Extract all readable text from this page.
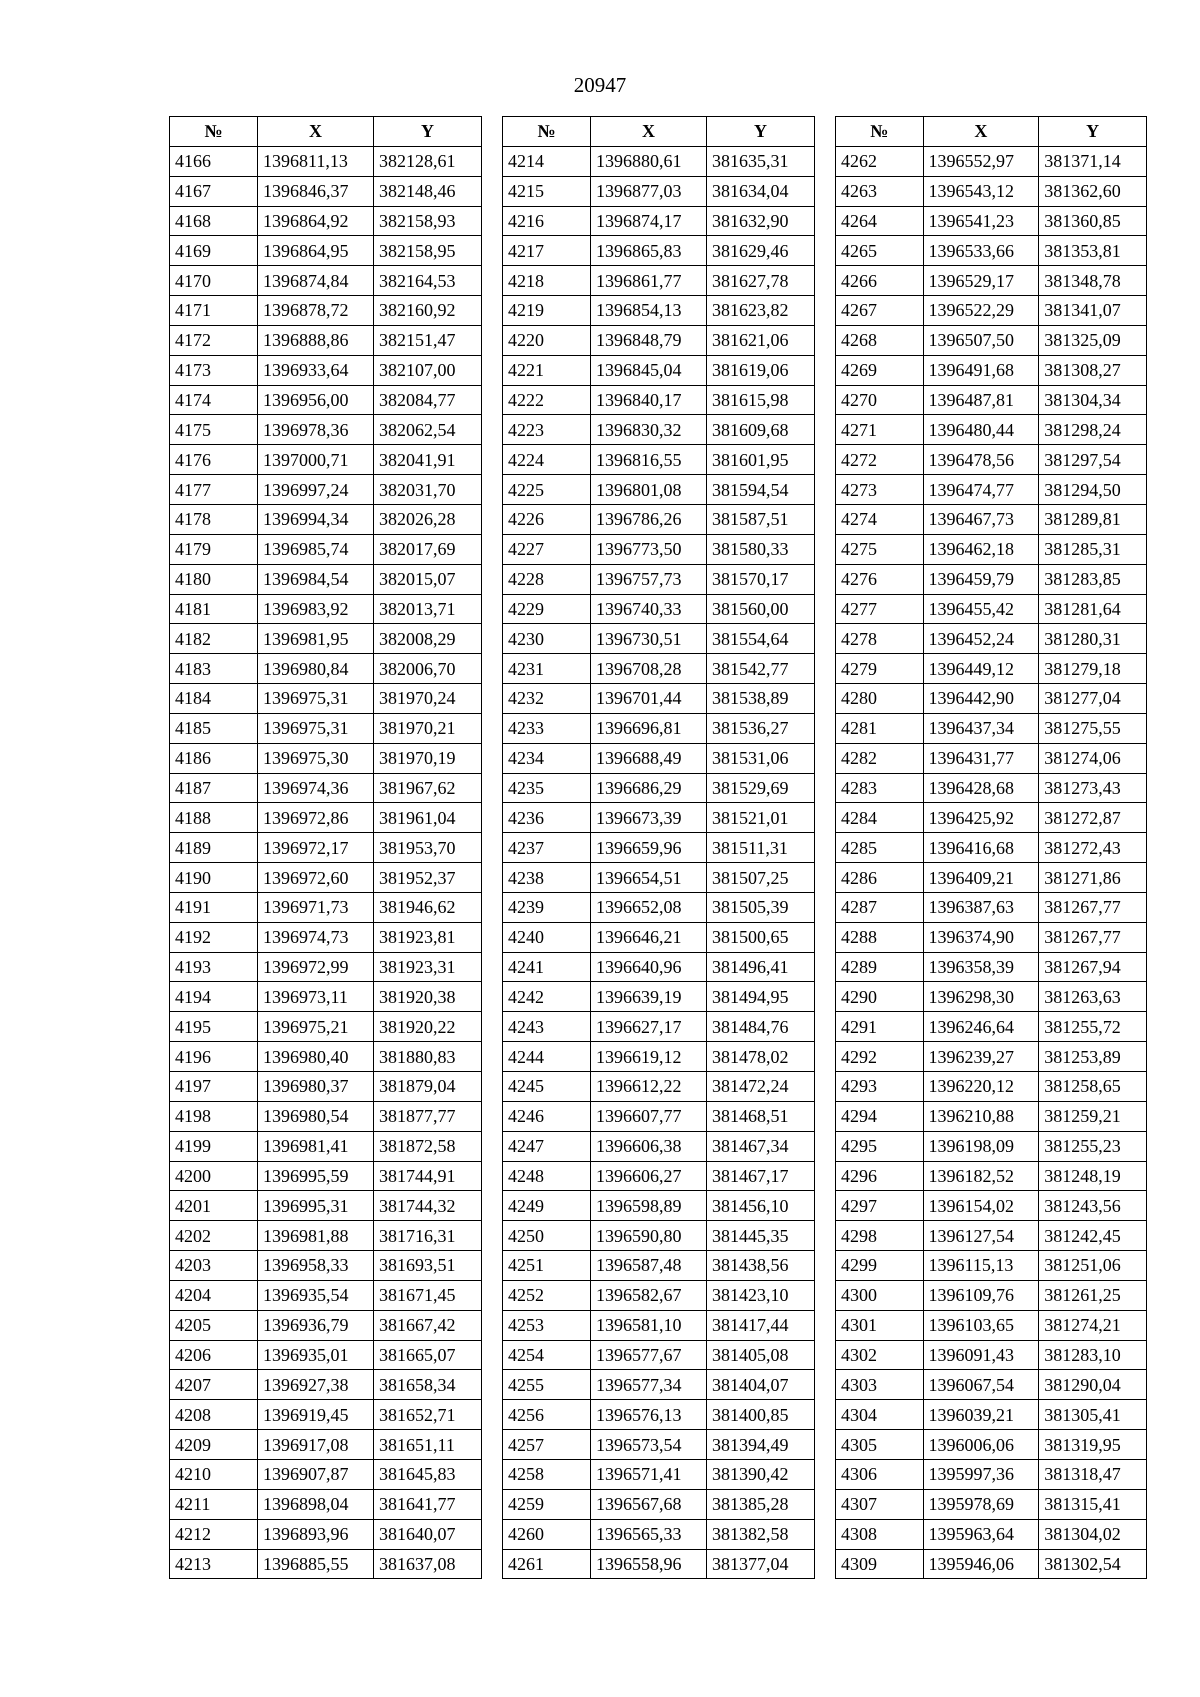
20947
№	X	Y
4166	1396811,13	382128,61
4167	1396846,37	382148,46
4168	1396864,92	382158,93
4169	1396864,95	382158,95
4170	1396874,84	382164,53
4171	1396878,72	382160,92
4172	1396888,86	382151,47
4173	1396933,64	382107,00
4174	1396956,00	382084,77
4175	1396978,36	382062,54
4176	1397000,71	382041,91
4177	1396997,24	382031,70
4178	1396994,34	382026,28
4179	1396985,74	382017,69
4180	1396984,54	382015,07
4181	1396983,92	382013,71
4182	1396981,95	382008,29
4183	1396980,84	382006,70
4184	1396975,31	381970,24
4185	1396975,31	381970,21
4186	1396975,30	381970,19
4187	1396974,36	381967,62
4188	1396972,86	381961,04
4189	1396972,17	381953,70
4190	1396972,60	381952,37
4191	1396971,73	381946,62
4192	1396974,73	381923,81
4193	1396972,99	381923,31
4194	1396973,11	381920,38
4195	1396975,21	381920,22
4196	1396980,40	381880,83
4197	1396980,37	381879,04
4198	1396980,54	381877,77
4199	1396981,41	381872,58
4200	1396995,59	381744,91
4201	1396995,31	381744,32
4202	1396981,88	381716,31
4203	1396958,33	381693,51
4204	1396935,54	381671,45
4205	1396936,79	381667,42
4206	1396935,01	381665,07
4207	1396927,38	381658,34
4208	1396919,45	381652,71
4209	1396917,08	381651,11
4210	1396907,87	381645,83
4211	1396898,04	381641,77
4212	1396893,96	381640,07
4213	1396885,55	381637,08
№	X	Y
4214	1396880,61	381635,31
4215	1396877,03	381634,04
4216	1396874,17	381632,90
4217	1396865,83	381629,46
4218	1396861,77	381627,78
4219	1396854,13	381623,82
4220	1396848,79	381621,06
4221	1396845,04	381619,06
4222	1396840,17	381615,98
4223	1396830,32	381609,68
4224	1396816,55	381601,95
4225	1396801,08	381594,54
4226	1396786,26	381587,51
4227	1396773,50	381580,33
4228	1396757,73	381570,17
4229	1396740,33	381560,00
4230	1396730,51	381554,64
4231	1396708,28	381542,77
4232	1396701,44	381538,89
4233	1396696,81	381536,27
4234	1396688,49	381531,06
4235	1396686,29	381529,69
4236	1396673,39	381521,01
4237	1396659,96	381511,31
4238	1396654,51	381507,25
4239	1396652,08	381505,39
4240	1396646,21	381500,65
4241	1396640,96	381496,41
4242	1396639,19	381494,95
4243	1396627,17	381484,76
4244	1396619,12	381478,02
4245	1396612,22	381472,24
4246	1396607,77	381468,51
4247	1396606,38	381467,34
4248	1396606,27	381467,17
4249	1396598,89	381456,10
4250	1396590,80	381445,35
4251	1396587,48	381438,56
4252	1396582,67	381423,10
4253	1396581,10	381417,44
4254	1396577,67	381405,08
4255	1396577,34	381404,07
4256	1396576,13	381400,85
4257	1396573,54	381394,49
4258	1396571,41	381390,42
4259	1396567,68	381385,28
4260	1396565,33	381382,58
4261	1396558,96	381377,04
№	X	Y
4262	1396552,97	381371,14
4263	1396543,12	381362,60
4264	1396541,23	381360,85
4265	1396533,66	381353,81
4266	1396529,17	381348,78
4267	1396522,29	381341,07
4268	1396507,50	381325,09
4269	1396491,68	381308,27
4270	1396487,81	381304,34
4271	1396480,44	381298,24
4272	1396478,56	381297,54
4273	1396474,77	381294,50
4274	1396467,73	381289,81
4275	1396462,18	381285,31
4276	1396459,79	381283,85
4277	1396455,42	381281,64
4278	1396452,24	381280,31
4279	1396449,12	381279,18
4280	1396442,90	381277,04
4281	1396437,34	381275,55
4282	1396431,77	381274,06
4283	1396428,68	381273,43
4284	1396425,92	381272,87
4285	1396416,68	381272,43
4286	1396409,21	381271,86
4287	1396387,63	381267,77
4288	1396374,90	381267,77
4289	1396358,39	381267,94
4290	1396298,30	381263,63
4291	1396246,64	381255,72
4292	1396239,27	381253,89
4293	1396220,12	381258,65
4294	1396210,88	381259,21
4295	1396198,09	381255,23
4296	1396182,52	381248,19
4297	1396154,02	381243,56
4298	1396127,54	381242,45
4299	1396115,13	381251,06
4300	1396109,76	381261,25
4301	1396103,65	381274,21
4302	1396091,43	381283,10
4303	1396067,54	381290,04
4304	1396039,21	381305,41
4305	1396006,06	381319,95
4306	1395997,36	381318,47
4307	1395978,69	381315,41
4308	1395963,64	381304,02
4309	1395946,06	381302,54
